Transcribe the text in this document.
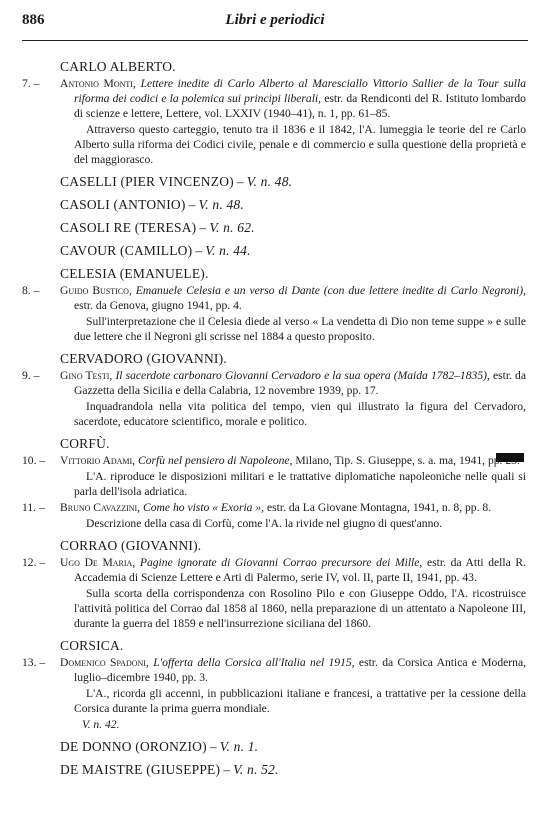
886	Libri e periodici
CARLO ALBERTO.
7. –	Antonio Monti, Lettere inedite di Carlo Alberto al Maresciallo Vittorio Sallier de la Tour sulla riforma dei codici e la polemica sui principi liberali, estr. da Rendiconti del R. Istituto lombardo di scienze e lettere, Lettere, vol. LXXIV (1940–41), n. 1, pp. 61–85.
Attraverso questo carteggio, tenuto tra il 1836 e il 1842, l'A. lumeggia le teorie del re Carlo Alberto sulla riforma dei Codici civile, penale e di commercio e sulla questione della proprietà e del maggiorasco.
CASELLI (PIER VINCENZO) – V. n. 48.
CASOLI (ANTONIO) – V. n. 48.
CASOLI RE (TERESA) – V. n. 62.
CAVOUR (CAMILLO) – V. n. 44.
CELESIA (EMANUELE).
8. –	Guido Bustico, Emanuele Celesia e un verso di Dante (con due lettere inedite di Carlo Negroni), estr. da Genova, giugno 1941, pp. 4.
Sull'interpretazione che il Celesia diede al verso « La vendetta di Dio non teme suppe » e sulle due lettere che il Negroni gli scrisse nel 1884 a questo proposito.
CERVADORO (GIOVANNI).
9. –	Gino Testi, Il sacerdote carbonaro Giovanni Cervadoro e la sua opera (Maida 1782–1835), estr. da Gazzetta della Sicilia e della Calabria, 12 novembre 1939, pp. 17.
Inquadrandola nella vita politica del tempo, vien qui illustrato la figura del Cervadoro, sacerdote, educatore scientifico, morale e politico.
CORFÙ.
10. –	Vittorio Adami, Corfù nel pensiero di Napoleone, Milano, Tip. S. Giuseppe, s. a. ma, 1941, pp. 23.
L'A. riproduce le disposizioni militari e le trattative diplomatiche napoleoniche nelle quali si parla dell'isola adriatica.
11. –	Bruno Cavazzini, Come ho visto « Exoria », estr. da La Giovane Montagna, 1941, n. 8, pp. 8.
Descrizione della casa di Corfù, come l'A. la rivide nel giugno di quest'anno.
CORRAO (GIOVANNI).
12. –	Ugo De Maria, Pagine ignorate di Giovanni Corrao precursore dei Mille, estr. da Atti della R. Accademia di Scienze Lettere e Arti di Palermo, serie IV, vol. II, parte II, 1941, pp. 43.
Sulla scorta della corrispondenza con Rosolino Pilo e con Giuseppe Oddo, l'A. ricostruisce l'attività politica del Corrao dal 1858 al 1860, nella preparazione di un attentato a Napoleone III, durante la guerra del 1859 e nell'insurrezione siciliana del 1860.
CORSICA.
13. –	Domenico Spadoni, L'offerta della Corsica all'Italia nel 1915, estr. da Corsica Antica e Moderna, luglio–dicembre 1940, pp. 3.
L'A., ricorda gli accenni, in pubblicazioni italiane e francesi, a trattative per la cessione della Corsica durante la prima guerra mondiale.
V. n. 42.
DE DONNO (ORONZIO) – V. n. 1.
DE MAISTRE (GIUSEPPE) – V. n. 52.
